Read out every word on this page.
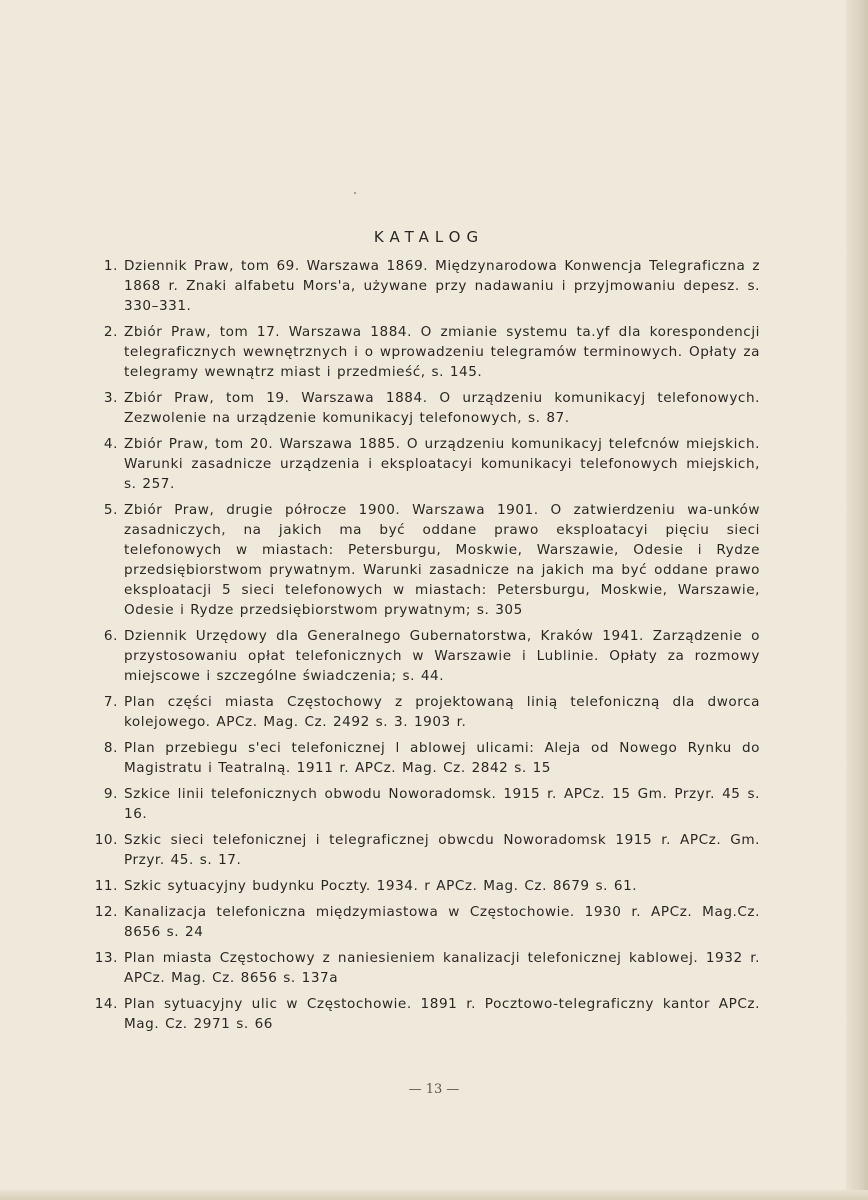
KATALOG
1. Dziennik Praw, tom 69. Warszawa 1869. Międzynarodowa Konwencja Telegraficzna z 1868 r. Znaki alfabetu Mors'a, używane przy nadawaniu i przyjmowaniu depesz. s. 330–331.
2. Zbiór Praw, tom 17. Warszawa 1884. O zmianie systemu ta.yf dla korespondencji telegraficznych wewnętrznych i o wprowadzeniu telegramów terminowych. Opłaty za telegramy wewnątrz miast i przedmieść, s. 145.
3. Zbiór Praw, tom 19. Warszawa 1884. O urządzeniu komunikacyj telefonowych. Zezwolenie na urządzenie komunikacyj telefonowych, s. 87.
4. Zbiór Praw, tom 20. Warszawa 1885. O urządzeniu komunikacyj telefcnów miejskich. Warunki zasadnicze urządzenia i eksploatacyi komunikacyi telefonowych miejskich, s. 257.
5. Zbiór Praw, drugie półrocze 1900. Warszawa 1901. O zatwierdzeniu wa-unków zasadniczych, na jakich ma być oddane prawo eksploatacyi pięciu sieci telefonowych w miastach: Petersburgu, Moskwie, Warszawie, Odesie i Rydze przedsiębiorstwom prywatnym. Warunki zasadnicze na jakich ma być oddane prawo eksploatacji 5 sieci telefonowych w miastach: Petersburgu, Moskwie, Warszawie, Odesie i Rydze przedsiębiorstwom prywatnym; s. 305
6. Dziennik Urzędowy dla Generalnego Gubernatorstwa, Kraków 1941. Zarządzenie o przystosowaniu opłat telefonicznych w Warszawie i Lublinie. Opłaty za rozmowy miejscowe i szczególne świadczenia; s. 44.
7. Plan części miasta Częstochowy z projektowaną linią telefoniczną dla dworca kolejowego. APCz. Mag. Cz. 2492 s. 3. 1903 r.
8. Plan przebiegu s'eci telefonicznej l ablowej ulicami: Aleja od Nowego Rynku do Magistratu i Teatralną. 1911 r. APCz. Mag. Cz. 2842 s. 15
9. Szkice linii telefonicznych obwodu Noworadomsk. 1915 r. APCz. 15 Gm. Przyr. 45 s. 16.
10. Szkic sieci telefonicznej i telegraficznej obwcdu Noworadomsk 1915 r. APCz. Gm. Przyr. 45. s. 17.
11. Szkic sytuacyjny budynku Poczty. 1934. r APCz. Mag. Cz. 8679 s. 61.
12. Kanalizacja telefoniczna międzymiastowa w Częstochowie. 1930 r. APCz. Mag.Cz. 8656 s. 24
13. Plan miasta Częstochowy z naniesieniem kanalizacji telefonicznej kablowej. 1932 r. APCz. Mag. Cz. 8656 s. 137a
14. Plan sytuacyjny ulic w Częstochowie. 1891 r. Pocztowo-telegraficzny kantor APCz. Mag. Cz. 2971 s. 66
— 13 —
